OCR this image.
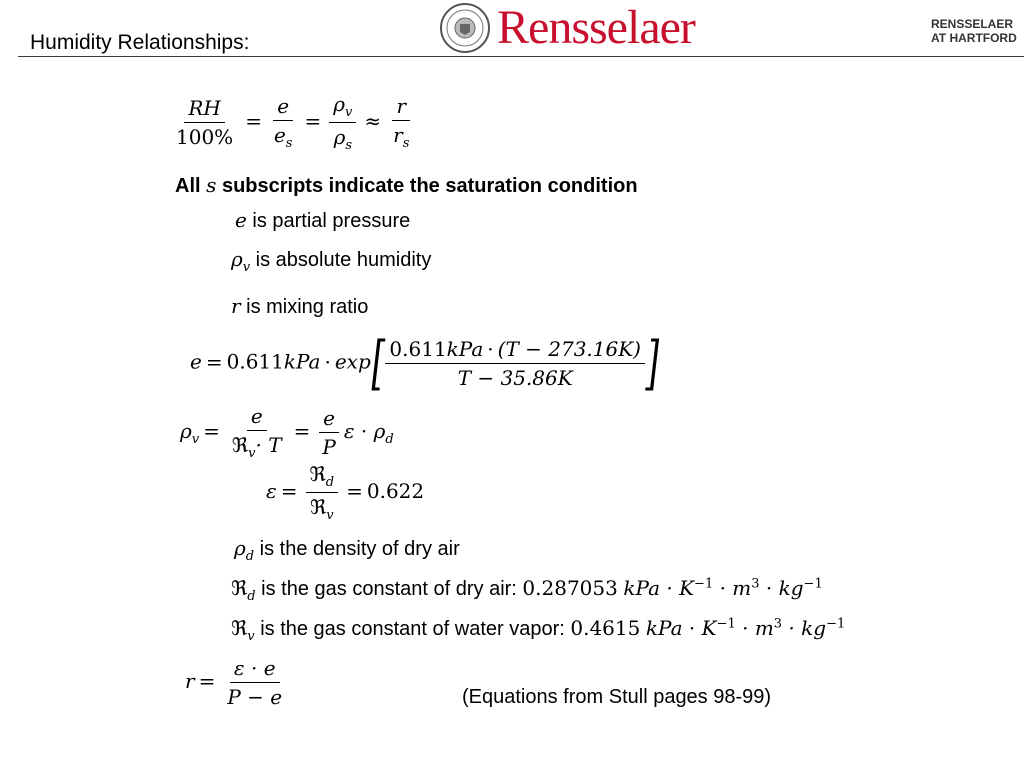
Humidity Relationships:	Rensselaer	RENSSELAER
AT HARTFORD
$\frac{RH}{100\%} = \frac{e}{e_s} = \frac{\rho_v}{\rho_s} \approx \frac{r}{r_s}$
All s subscripts indicate the saturation condition
e is partial pressure
$\rho_v$ is absolute humidity
r is mixing ratio
$e = 0.611kPa \cdot \exp[ \frac{\text{0.611kPa · (T − 273.16K)}}{T - 35.86K}$ ]
$\rho_v = \frac{e}{ℜ_v\cdot T} = \frac{e}{P}$ $\varepsilon \cdot \rho_d$
$\varepsilon = \frac{ℜ_d}{ℜ_v} = 0.622$
$\rho_d$ is the density of dry air
ℜ$_d$ is the gas constant of dry air: 0.287053 kPa · $K^{-1} \cdot m^3 \cdot kg^{-1}$
ℜ$_v$ is the gas constant of water vapor: 0.4615 kPa · $K^{-1} \cdot m^3 \cdot kg^{-1}$
$r = \frac{\varepsilon \cdot e}{P - e}$	(Equations from Stull pages 98-99)
